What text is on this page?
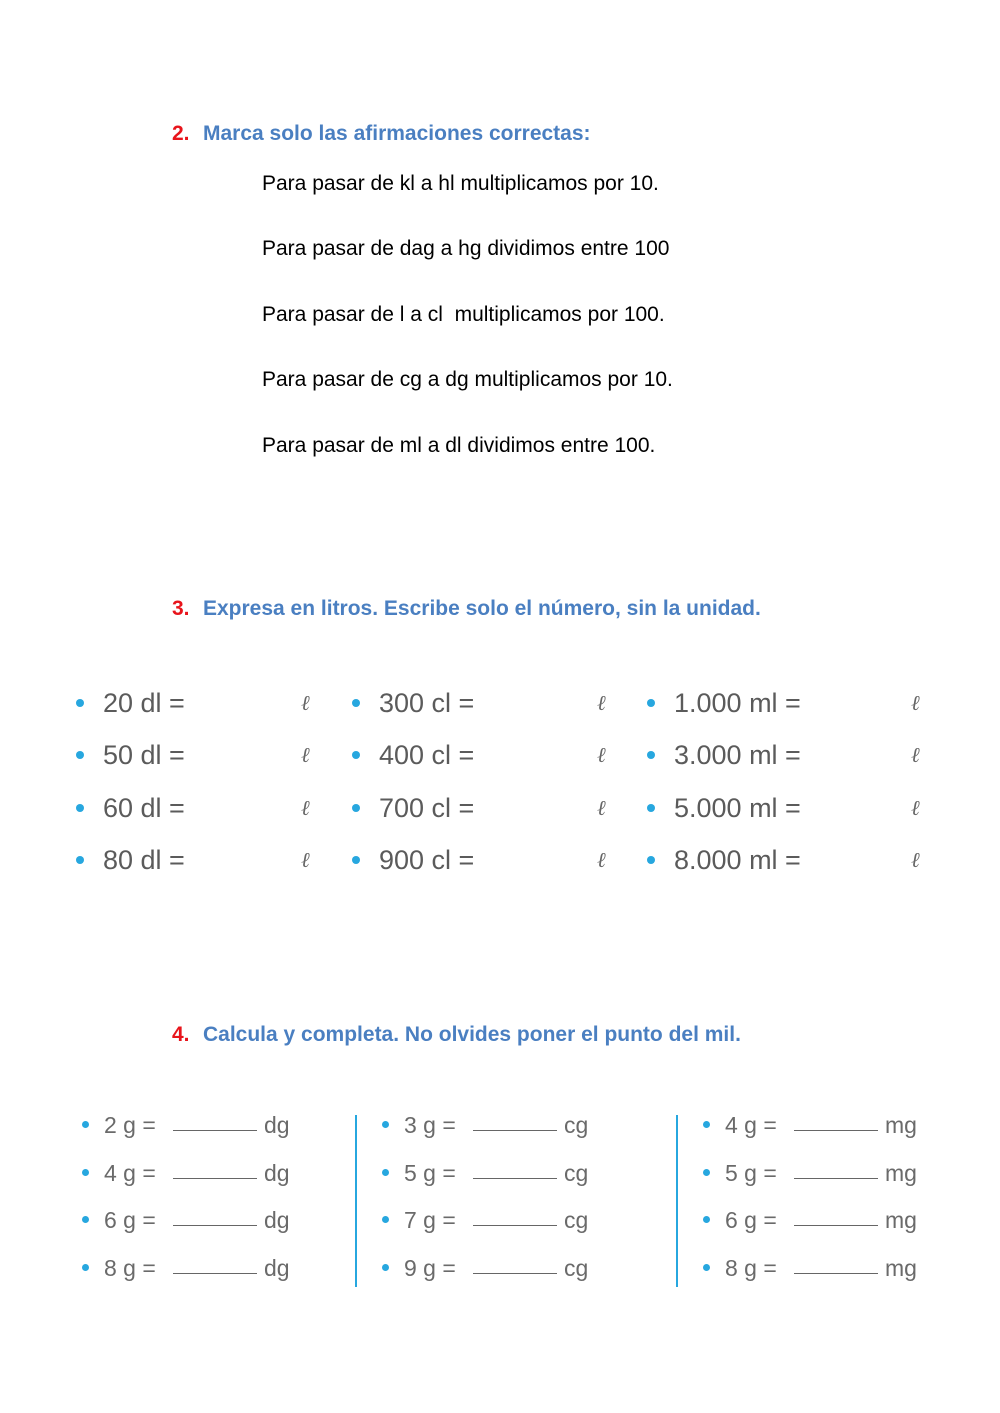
2. Marca solo las afirmaciones correctas:
Para pasar de kl a hl multiplicamos por 10.
Para pasar de dag a hg dividimos entre 100
Para pasar de l a cl  multiplicamos por 100.
Para pasar de cg a dg multiplicamos por 10.
Para pasar de ml a dl dividimos entre 100.
3. Expresa en litros. Escribe solo el número, sin la unidad.
20 dl =	ℓ
50 dl =	ℓ
60 dl =	ℓ
80 dl =	ℓ
300 cl =	ℓ
400 cl =	ℓ
700 cl =	ℓ
900 cl =	ℓ
1.000 ml =	ℓ
3.000 ml =	ℓ
5.000 ml =	ℓ
8.000 ml =	ℓ
4. Calcula y completa. No olvides poner el punto del mil.
2 g =	dg
4 g =	dg
6 g =	dg
8 g =	dg
3 g =	cg
5 g =	cg
7 g =	cg
9 g =	cg
4 g =	mg
5 g =	mg
6 g =	mg
8 g =	mg
